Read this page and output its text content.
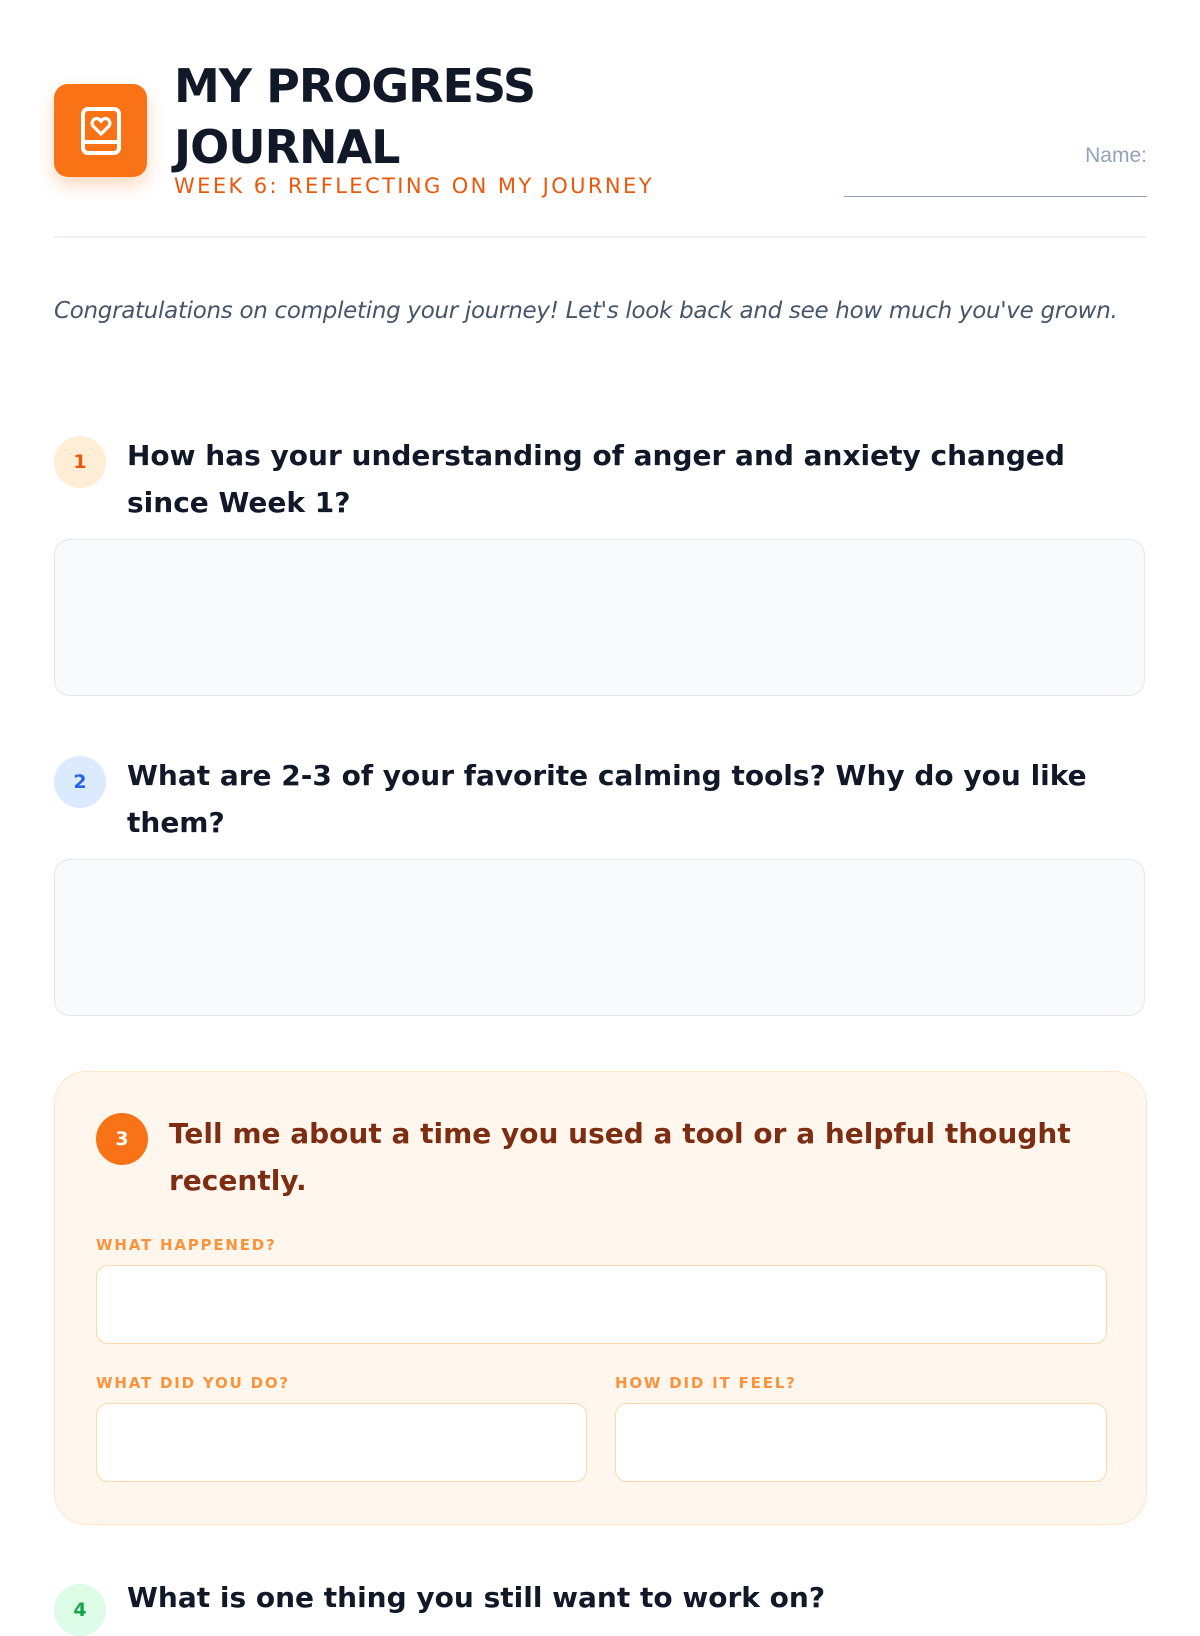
MY PROGRESS JOURNAL
WEEK 6: REFLECTING ON MY JOURNEY
Name:

Congratulations on completing your journey! Let's look back and see how much you've grown.

1	How has your understanding of anger and anxiety changed since Week 1?

2	What are 2-3 of your favorite calming tools? Why do you like them?

3	Tell me about a time you used a tool or a helpful thought recently.

WHAT HAPPENED?
WHAT DID YOU DO?	HOW DID IT FEEL?
4	What is one thing you still want to work on?
